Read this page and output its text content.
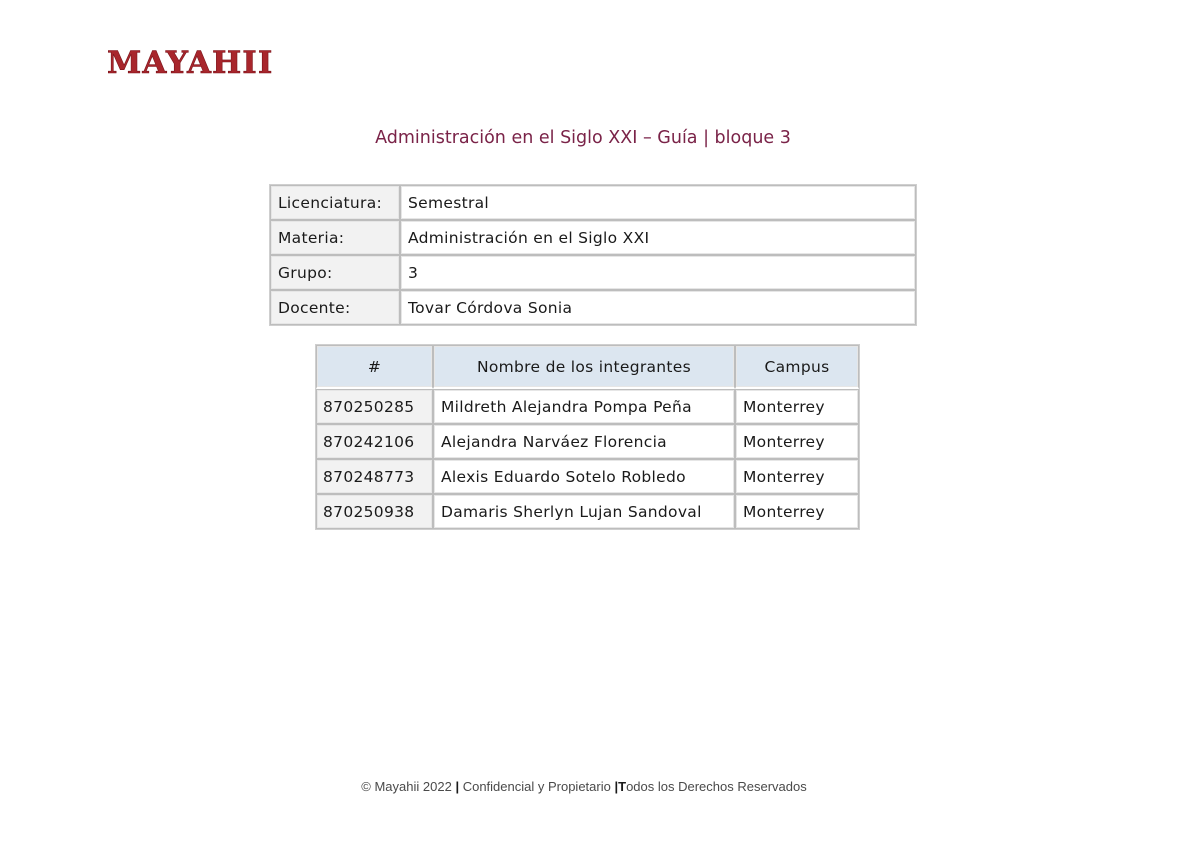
MAYAHII
Administración en el Siglo XXI – Guía | bloque 3
Licenciatura:	Semestral
Materia:	Administración en el Siglo XXI
Grupo:	3
Docente:	Tovar Córdova Sonia
#	Nombre de los integrantes	Campus
870250285	Mildreth Alejandra Pompa Peña	Monterrey
870242106	Alejandra Narváez Florencia	Monterrey
870248773	Alexis Eduardo Sotelo Robledo	Monterrey
870250938	Damaris Sherlyn Lujan Sandoval	Monterrey
© Mayahii 2022 | Confidencial y Propietario |Todos los Derechos Reservados
